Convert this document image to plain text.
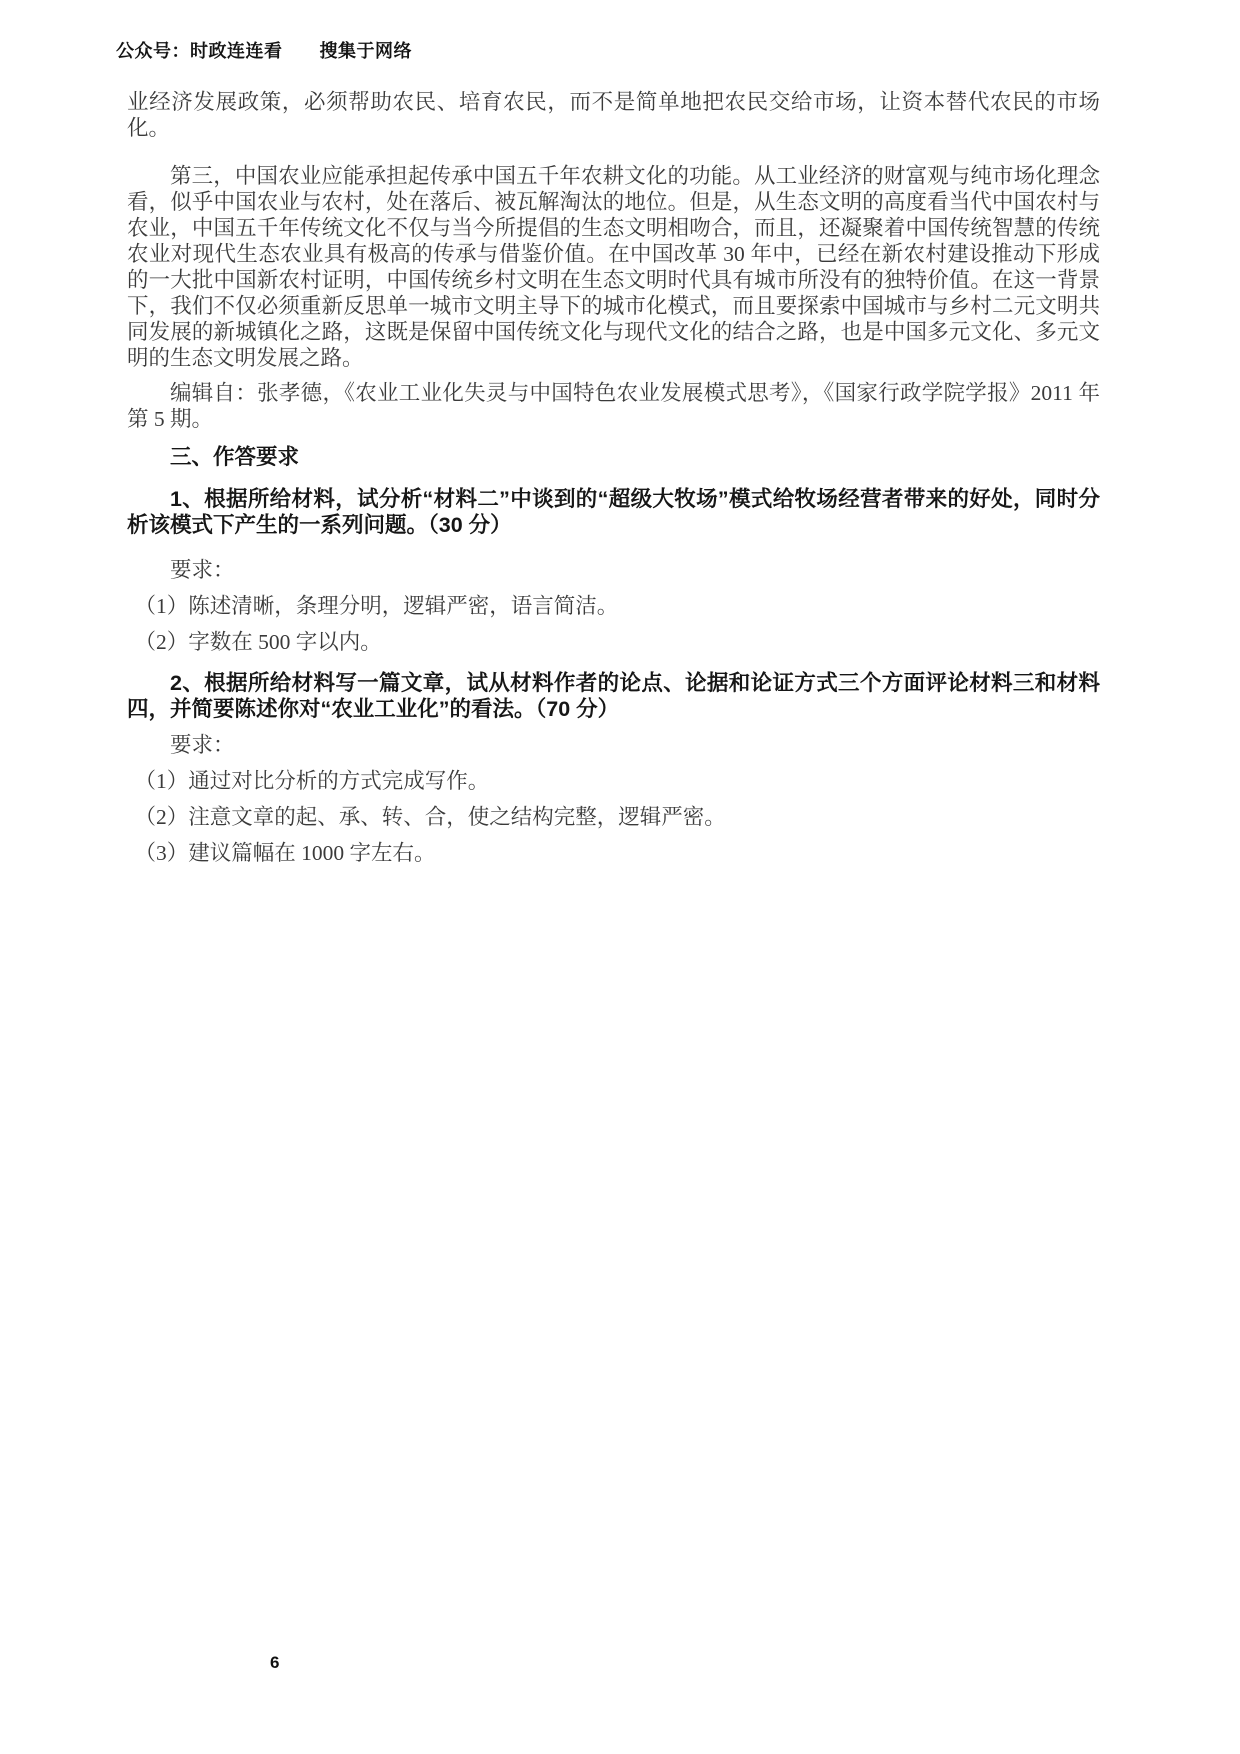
公众号：时政连连看　　搜集于网络

业经济发展政策，必须帮助农民、培育农民，而不是简单地把农民交给市场，让资本替代农民的市场化。

第三，中国农业应能承担起传承中国五千年农耕文化的功能。从工业经济的财富观与纯市场化理念看，似乎中国农业与农村，处在落后、被瓦解淘汰的地位。但是，从生态文明的高度看当代中国农村与农业，中国五千年传统文化不仅与当今所提倡的生态文明相吻合，而且，还凝聚着中国传统智慧的传统农业对现代生态农业具有极高的传承与借鉴价值。在中国改革 30 年中，已经在新农村建设推动下形成的一大批中国新农村证明，中国传统乡村文明在生态文明时代具有城市所没有的独特价值。在这一背景下，我们不仅必须重新反思单一城市文明主导下的城市化模式，而且要探索中国城市与乡村二元文明共同发展的新城镇化之路，这既是保留中国传统文化与现代文化的结合之路，也是中国多元文化、多元文明的生态文明发展之路。

编辑自：张孝德，《农业工业化失灵与中国特色农业发展模式思考》，《国家行政学院学报》2011 年第 5 期。

三、作答要求

1、根据所给材料，试分析“材料二”中谈到的“超级大牧场”模式给牧场经营者带来的好处，同时分析该模式下产生的一系列问题。（30 分）

要求：

（1）陈述清晰，条理分明，逻辑严密，语言简洁。

（2）字数在 500 字以内。

2、根据所给材料写一篇文章，试从材料作者的论点、论据和论证方式三个方面评论材料三和材料四，并简要陈述你对“农业工业化”的看法。（70 分）

要求：

（1）通过对比分析的方式完成写作。

（2）注意文章的起、承、转、合，使之结构完整，逻辑严密。

（3）建议篇幅在 1000 字左右。

6
